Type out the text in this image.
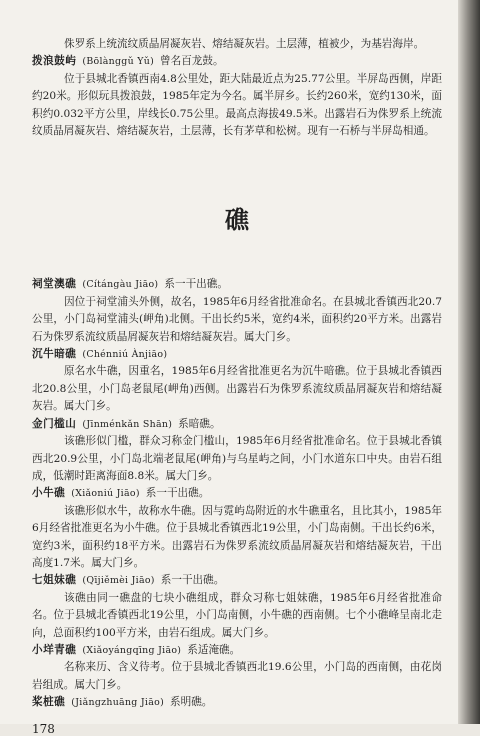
侏罗系上统流纹质晶屑凝灰岩、熔结凝灰岩。土层薄，植被少，为基岩海岸。

拨浪鼓屿 (Bōlànggǔ Yǔ) 曾名百龙鼓。

位于县城北香镇西南4.8公里处，距大陆最近点为25.77公里。半屏岛西侧，岸距约20米。形似玩具拨浪鼓，1985年定为今名。属半屏乡。长约260米，宽约130米，面积约0.032平方公里，岸线长0.75公里。最高点海拔49.5米。出露岩石为侏罗系上统流纹质晶屑凝灰岩、熔结凝灰岩，土层薄，长有茅草和松树。现有一石桥与半屏岛相通。

礁
祠堂澳礁 (Cítángàu Jiāo) 系一干出礁。

因位于祠堂浦头外侧，故名，1985年6月经省批准命名。在县城北香镇西北20.7公里，小门岛祠堂浦头(岬角)北侧。干出长约5米，宽约4米，面积约20平方米。出露岩石为侏罗系流纹质晶屑凝灰岩和熔结凝灰岩。属大门乡。

沉牛暗礁 (Chénniú Ànjiāo)

原名水牛礁，因重名，1985年6月经省批准更名为沉牛暗礁。位于县城北香镇西北20.8公里，小门岛老鼠尾(岬角)西侧。出露岩石为侏罗系流纹质晶屑凝灰岩和熔结凝灰岩。属大门乡。

金门槛山 (Jīnménkǎn Shān) 系暗礁。

该礁形似门槛，群众习称金门槛山，1985年6月经省批准命名。位于县城北香镇西北20.9公里，小门岛北端老鼠尾(岬角)与乌星屿之间，小门水道东口中央。由岩石组成，低潮时距离海面8.8米。属大门乡。

小牛礁 (Xiǎoniú Jiāo) 系一干出礁。

该礁形似水牛，故称水牛礁。因与霓屿岛附近的水牛礁重名，且比其小，1985年6月经省批准更名为小牛礁。位于县城北香镇西北19公里，小门岛南侧。干出长约6米，宽约3米，面积约18平方米。出露岩石为侏罗系流纹质晶屑凝灰岩和熔结凝灰岩，干出高度1.7米。属大门乡。

七姐妹礁 (Qījiěmèi Jiāo) 系一干出礁。

该礁由同一礁盘的七块小礁组成，群众习称七姐妹礁，1985年6月经省批准命名。位于县城北香镇西北19公里，小门岛南侧，小牛礁的西南侧。七个小礁峰呈南北走向，总面积约100平方米，由岩石组成。属大门乡。

小垟青礁 (Xiǎoyángqīng Jiāo) 系适淹礁。

名称来历、含义待考。位于县城北香镇西北19.6公里，小门岛的西南侧，由花岗岩组成。属大门乡。

桨桩礁 (Jiǎngzhuāng Jiāo) 系明礁。
178
